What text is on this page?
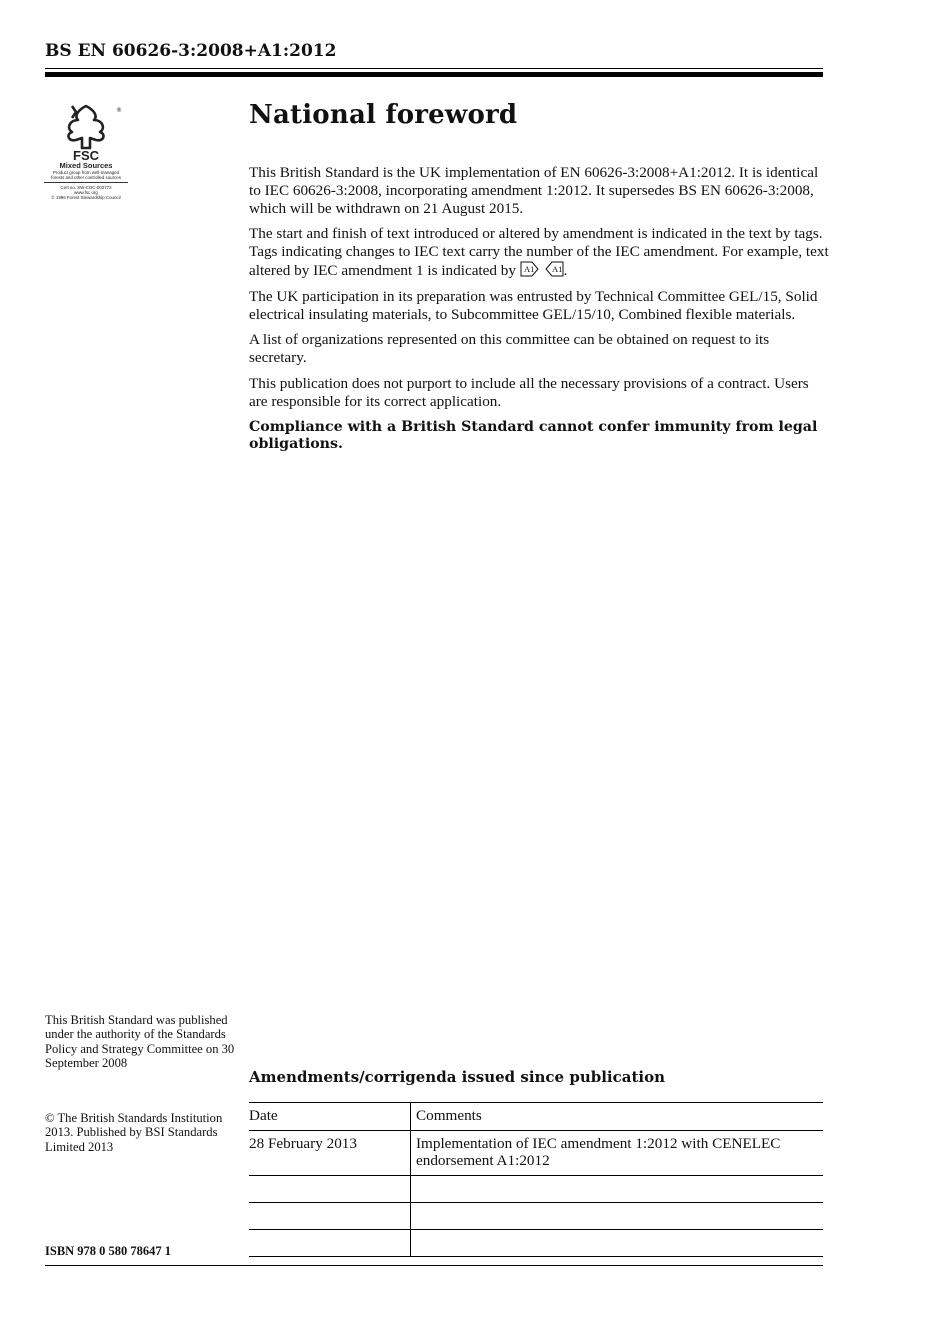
BS EN 60626-3:2008+A1:2012
®
FSC
Mixed Sources
Product group from well-managed
forests and other controlled sources
Cert no. SW-COC-002772
www.fsc.org
© 1996 Forest Stewardship Council
National foreword

This British Standard is the UK implementation of EN 60626-3:2008+A1:2012. It is identical to IEC 60626-3:2008, incorporating amendment 1:2012. It supersedes BS EN 60626-3:2008, which will be withdrawn on 21 August 2015.

The start and finish of text introduced or altered by amendment is indicated in the text by tags. Tags indicating changes to IEC text carry the number of the IEC amendment. For example, text altered by IEC amendment 1 is indicated by A1
A1 .

The UK participation in its preparation was entrusted by Technical Committee GEL/15, Solid electrical insulating materials, to Subcommittee GEL/15/10, Combined flexible materials.

A list of organizations represented on this committee can be obtained on request to its secretary.

This publication does not purport to include all the necessary provisions of a contract. Users are responsible for its correct application.

Compliance with a British Standard cannot confer immunity from legal obligations.

This British Standard was published under the authority of the Standards Policy and Strategy Committee on 30 September 2008
© The British Standards Institution 2013. Published by BSI Standards Limited 2013
ISBN 978 0 580 78647 1
Amendments/corrigenda issued since publication
Date	Comments
28 February 2013	Implementation of IEC amendment 1:2012 with CENELEC endorsement A1:2012
